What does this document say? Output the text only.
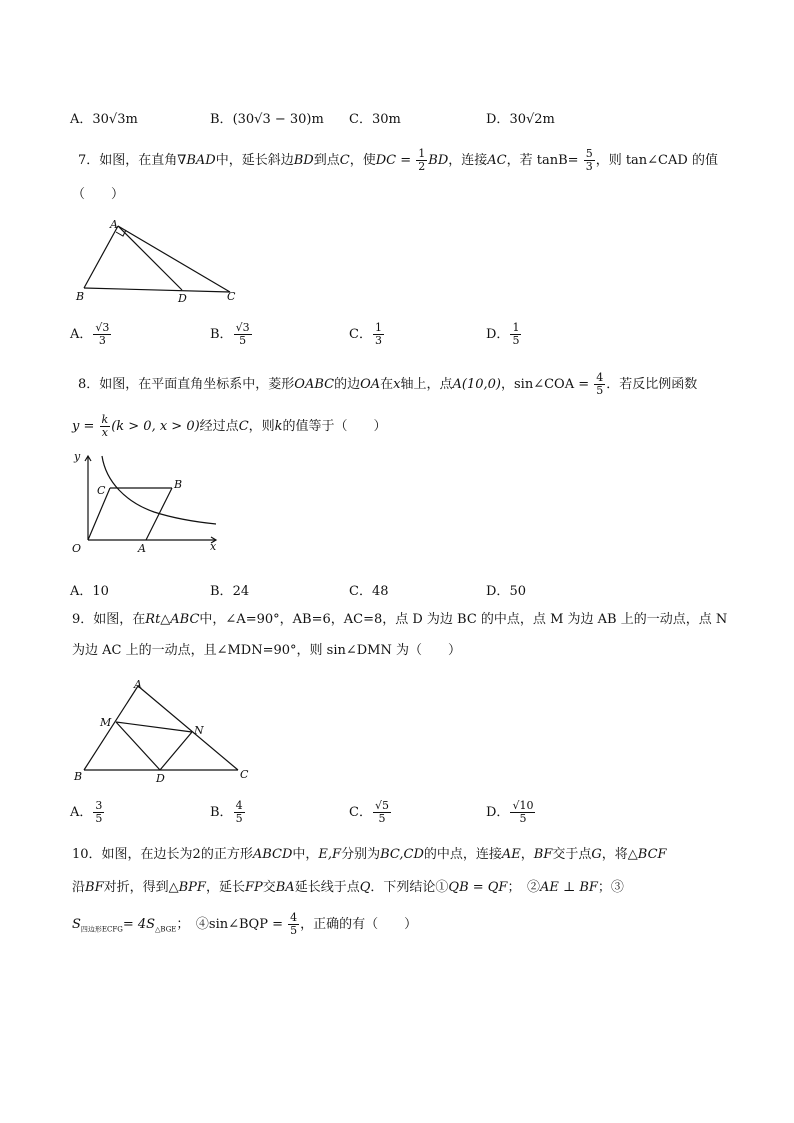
A．30√3m	B．(30√3 − 30)m C．30m	D．30√2m
7．如图，在直角∇BAD中，延长斜边BD到点C，使DC = $\frac{1}{2}$ BD，连接AC，若 $\tan B= \frac{5}{3}$ ，则 tan∠CAD 的值
（　　）
A
B	D	C
A． $\frac{√3}{3}$	B． $\frac{√3}{5}$	C． $\frac{1}{3}$	D． $\frac{1}{5}$
8．如图，在平面直角坐标系中，菱形OABC的边OA在x轴上，点A(10,0)，sin∠COA = $\frac{4}{5}$ ．若反比例函数
$y = \frac{k}{x} (k > 0$, x > 0)经过点C，则k的值等于（　　）
y
x
O	A
B
C
A．10	B．24	C．48	D．50
9．如图，在Rt△ABC中，∠A=90°，AB=6，AC=8，点 D 为边 BC 的中点，点 M 为边 AB 上的一动点，点 N
为边 AC 上的一动点，且∠MDN=90°，则 sin∠DMN 为（　　）
A
M
N
B	D	C
A． $\frac{3}{5}$	B． $\frac{4}{5}$	C． $\frac{√5}{5}$	D． $\frac{√10}{5}$
10．如图，在边长为2的正方形ABCD中，E,F分别为BC,CD的中点，连接AE，BF交于点G，将△BCF
沿BF对折，得到△BPF，延长FP交BA延长线于点Q．下列结论①QB = QF；　②AE ⊥ BF；③
$S_{四边形ECFG}= 4S_{\triangle BGE}$；　④sin∠BQP = $\frac{4}{5}$ ，正确的有（　　）
